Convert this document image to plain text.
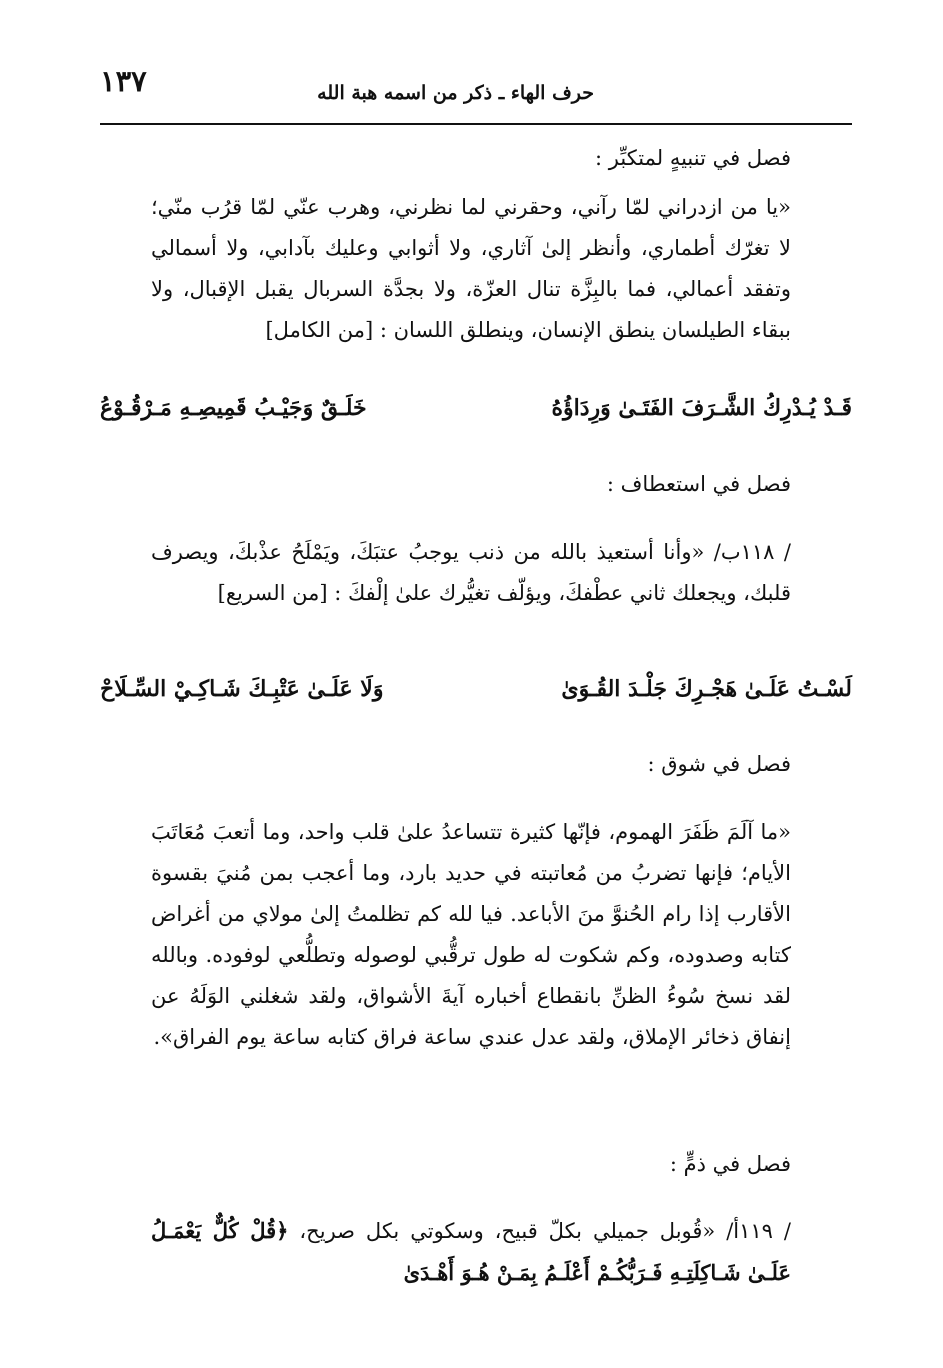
حرف الهاء ـ ذكر من اسمه هبة الله
١٣٧
فصل في تنبيهٍ لمتكبِّر :

«يا من ازدراني لمّا رآني، وحقرني لما نظرني، وهرب عنّي لمّا قرُب منّي؛ لا تغرّك أطماري، وأنظر إلىٰ آثاري، ولا أثوابي وعليك بآدابي، ولا أسمالي وتفقد أعمالي، فما بالبِزَّة تنال العزّة، ولا بجدَّة السربال يقبل الإقبال، ولا ببقاء الطيلسان ينطق الإنسان، وينطلق اللسان : [من الكامل]

قَـدْ يُـدْرِكُ الشَّـرَفَ الفَتَـىٰ وَرِدَاؤُهُ
خَلَـقٌ وَجَيْـبُ قَمِيصِـهِ مَـرْقُـوْعُ
فصل في استعطاف :

/ ١١٨ب/ «وأنا أستعيذ بالله من ذنب يوجبُ عتبَكَ، ويَمْلَحُ عذْبكَ، ويصرف قلبك، ويجعلك ثاني عطْفكَ، ويؤلّف تغيُّرك علىٰ إلْفكَ : [من السريع]

لَسْـتُ عَلَـىٰ هَجْـرِكَ جَلْـدَ القُـوَىٰ
وَلَا عَلَـىٰ عَتْبِـكَ شَـاكِـيْ السِّـلَاحْ
فصل في شوق :

«ما آلَمَ ظَفَرَ الهموم، فإنّها كثيرة تتساعدُ علىٰ قلب واحد، وما أتعبَ مُعَاتَبَ الأيام؛ فإنها تضربُ من مُعاتبته في حديد بارد، وما أعجب بمن مُنيَ بقسوة الأقارب إذا رام الحُنوَّ منَ الأباعد. فيا لله كم تظلمتُ إلىٰ مولاي من أغراض كتابه وصدوده، وكم شكوت له طول ترقُّبي لوصوله وتطلُّعي لوفوده. وبالله لقد نسخ سُوءُ الظنِّ بانقطاع أخباره آيةَ الأشواق، ولقد شغلني الوَلَهُ عن إنفاق ذخائر الإملاق، ولقد عدل عندي ساعة فراق كتابه ساعة يوم الفراق».

فصل في ذمٍّ :

/ ١١٩أ/ «قُوبل جميلي بكلّ قبيح، وسكوتي بكل صريح، ﴿قُلْ كُلٌّ يَعْمَـلُ عَلَـىٰ شَـاكِلَتِـهِ فَـرَبُّكُـمْ أَعْلَـمُ بِمَـنْ هُـوَ أَهْـدَىٰ
